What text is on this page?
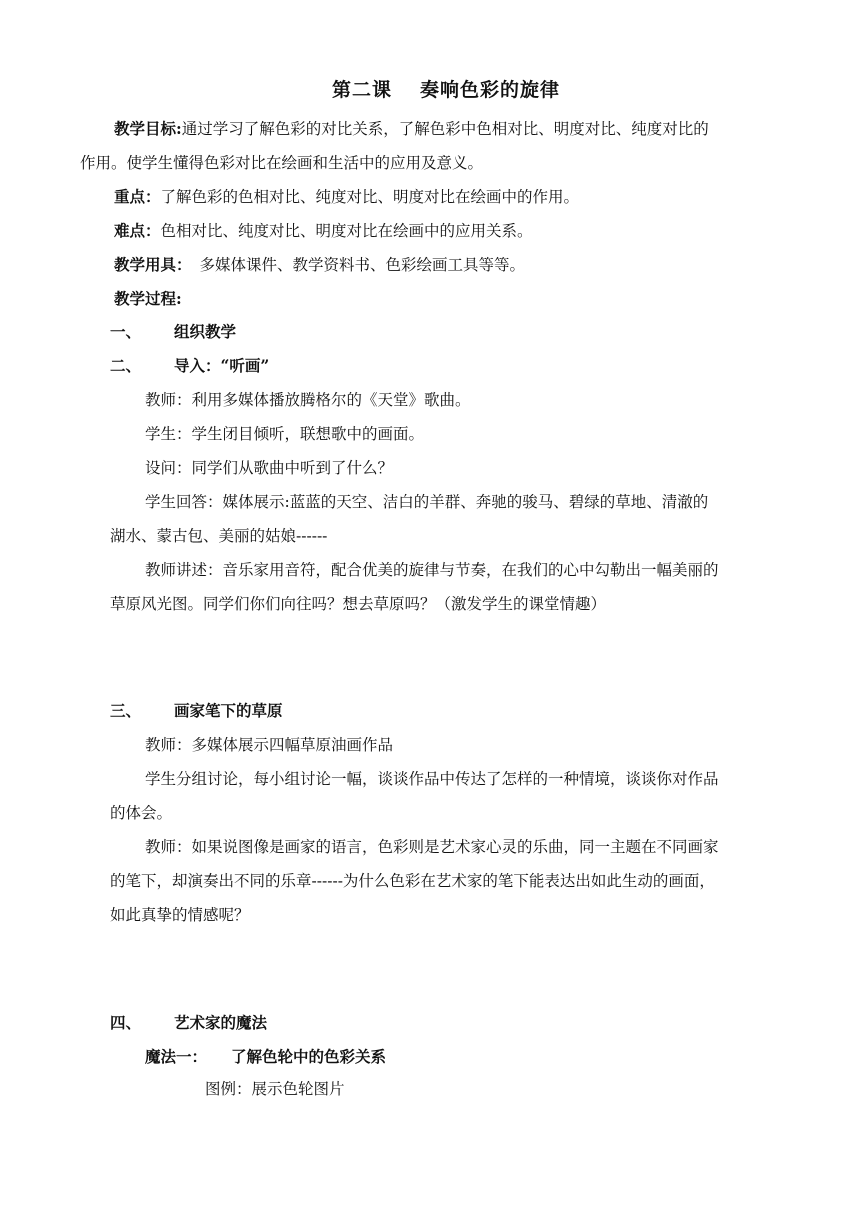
第二课 奏响色彩的旋律
教学目标:通过学习了解色彩的对比关系，了解色彩中色相对比、明度对比、纯度对比的
作用。使学生懂得色彩对比在绘画和生活中的应用及意义。
重点：了解色彩的色相对比、纯度对比、明度对比在绘画中的作用。
难点：色相对比、纯度对比、明度对比在绘画中的应用关系。
教学用具： 多媒体课件、教学资料书、色彩绘画工具等等。
教学过程:
一、 组织教学
二、 导入：“听画”
教师：利用多媒体播放腾格尔的《天堂》歌曲。
学生：学生闭目倾听，联想歌中的画面。
设问：同学们从歌曲中听到了什么？
学生回答：媒体展示:蓝蓝的天空、洁白的羊群、奔驰的骏马、碧绿的草地、清澈的
湖水、蒙古包、美丽的姑娘------
教师讲述：音乐家用音符，配合优美的旋律与节奏，在我们的心中勾勒出一幅美丽的
草原风光图。同学们你们向往吗？想去草原吗？（激发学生的课堂情趣）
三、 画家笔下的草原
教师：多媒体展示四幅草原油画作品
学生分组讨论，每小组讨论一幅，谈谈作品中传达了怎样的一种情境，谈谈你对作品
的体会。
教师：如果说图像是画家的语言，色彩则是艺术家心灵的乐曲，同一主题在不同画家
的笔下，却演奏出不同的乐章------为什么色彩在艺术家的笔下能表达出如此生动的画面，
如此真挚的情感呢？
四、 艺术家的魔法
魔法一： 了解色轮中的色彩关系
图例：展示色轮图片
